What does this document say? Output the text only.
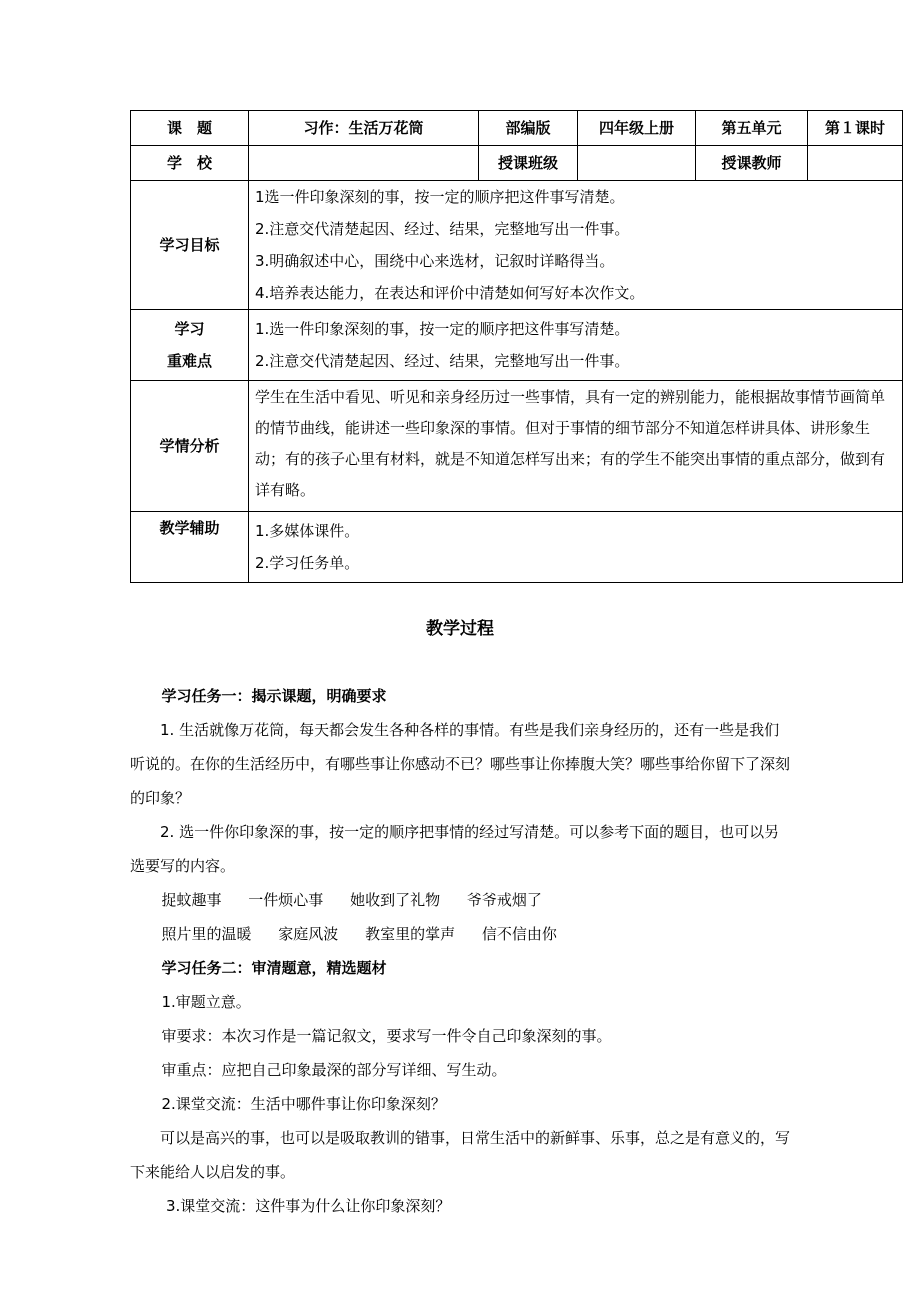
课　题	习作：生活万花筒	部编版	四年级上册	第五单元	第１课时
学　校		授课班级		授课教师	
学习目标	1选一件印象深刻的事，按一定的顺序把这件事写清楚。
2.注意交代清楚起因、经过、结果，完整地写出一件事。
3.明确叙述中心，围绕中心来选材，记叙时详略得当。
4.培养表达能力，在表达和评价中清楚如何写好本次作文。				

学习
重难点	1.选一件印象深刻的事，按一定的顺序把这件事写清楚。
2.注意交代清楚起因、经过、结果，完整地写出一件事。				

学情分析	学生在生活中看见、听见和亲身经历过一些事情，具有一定的辨别能力，能根据故事情节画简单的情节曲线，能讲述一些印象深的事情。但对于事情的细节部分不知道怎样讲具体、讲形象生动；有的孩子心里有材料，就是不知道怎样写出来；有的学生不能突出事情的重点部分，做到有详有略。				

教学辅助	1.多媒体课件。
2.学习任务单。				
教学过程
学习任务一：揭示课题，明确要求
1. 生活就像万花筒，每天都会发生各种各样的事情。有些是我们亲身经历的，还有一些是我们听说的。在你的生活经历中，有哪些事让你感动不已？哪些事让你捧腹大笑？哪些事给你留下了深刻的印象？
2. 选一件你印象深的事，按一定的顺序把事情的经过写清楚。可以参考下面的题目，也可以另选要写的内容。
捉蚊趣事 一件烦心事 她收到了礼物 爷爷戒烟了
照片里的温暖 家庭风波 教室里的掌声 信不信由你
学习任务二：审清题意，精选题材
1.审题立意。
审要求：本次习作是一篇记叙文，要求写一件令自己印象深刻的事。
审重点：应把自己印象最深的部分写详细、写生动。
2.课堂交流：生活中哪件事让你印象深刻？
可以是高兴的事，也可以是吸取教训的错事，日常生活中的新鲜事、乐事，总之是有意义的，写下来能给人以启发的事。
3.课堂交流：这件事为什么让你印象深刻？
